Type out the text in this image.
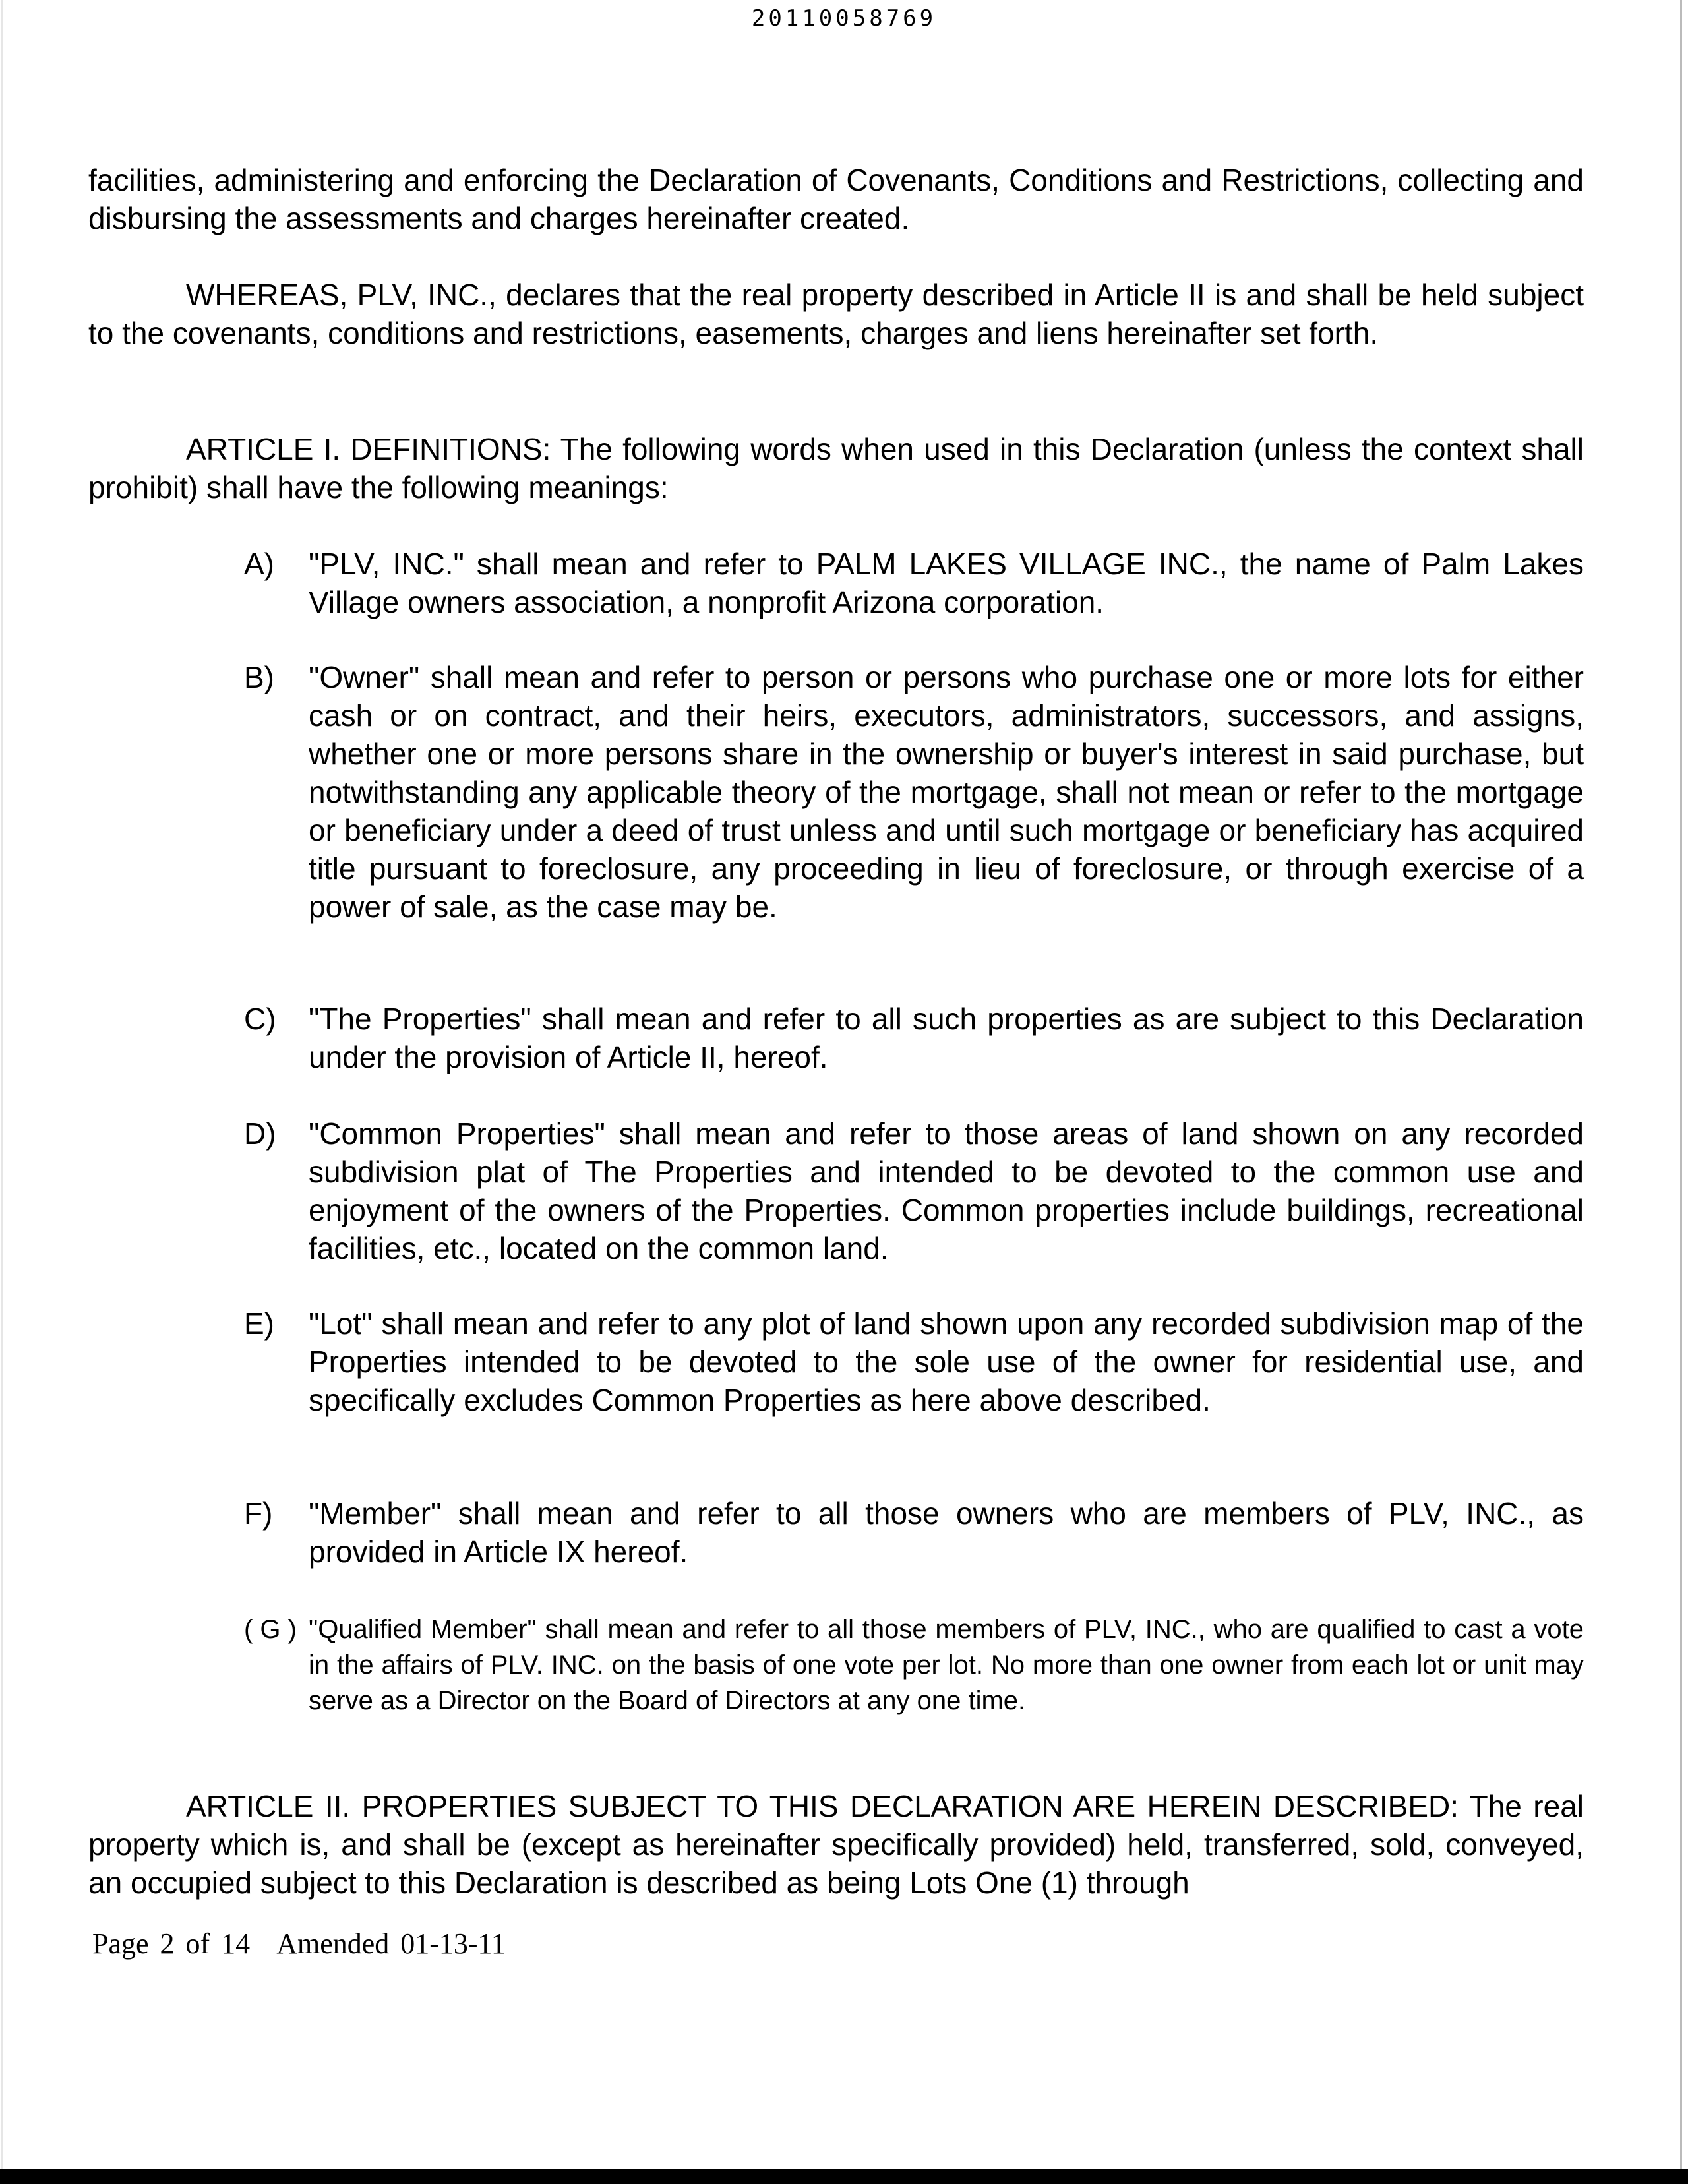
20110058769
facilities, administering and enforcing the Declaration of Covenants, Conditions and Restrictions, collecting and disbursing the assessments and charges hereinafter created.
WHEREAS, PLV, INC., declares that the real property described in Article II is and shall be held subject to the covenants, conditions and restrictions, easements, charges and liens hereinafter set forth.
ARTICLE I. DEFINITIONS: The following words when used in this Declaration (unless the context shall prohibit) shall have the following meanings:
A) "PLV, INC." shall mean and refer to PALM LAKES VILLAGE INC., the name of Palm Lakes Village owners association, a nonprofit Arizona corporation.
B) "Owner" shall mean and refer to person or persons who purchase one or more lots for either cash or on contract, and their heirs, executors, administrators, successors, and assigns, whether one or more persons share in the ownership or buyer's interest in said purchase, but notwithstanding any applicable theory of the mortgage, shall not mean or refer to the mortgage or beneficiary under a deed of trust unless and until such mortgage or beneficiary has acquired title pursuant to foreclosure, any proceeding in lieu of foreclosure, or through exercise of a power of sale, as the case may be.
C) "The Properties" shall mean and refer to all such properties as are subject to this Declaration under the provision of Article II, hereof.
D) "Common Properties" shall mean and refer to those areas of land shown on any recorded subdivision plat of The Properties and intended to be devoted to the common use and enjoyment of the owners of the Properties. Common properties include buildings, recreational facilities, etc., located on the common land.
E) "Lot" shall mean and refer to any plot of land shown upon any recorded subdivision map of the Properties intended to be devoted to the sole use of the owner for residential use, and specifically excludes Common Properties as here above described.
F) "Member" shall mean and refer to all those owners who are members of PLV, INC., as provided in Article IX hereof.
( G ) "Qualified Member" shall mean and refer to all those members of PLV, INC., who are qualified to cast a vote in the affairs of PLV. INC. on the basis of one vote per lot. No more than one owner from each lot or unit may serve as a Director on the Board of Directors at any one time.
ARTICLE II. PROPERTIES SUBJECT TO THIS DECLARATION ARE HEREIN DESCRIBED: The real property which is, and shall be (except as hereinafter specifically provided) held, transferred, sold, conveyed, an occupied subject to this Declaration is described as being Lots One (1) through
Page 2 of 14 Amended 01-13-11
